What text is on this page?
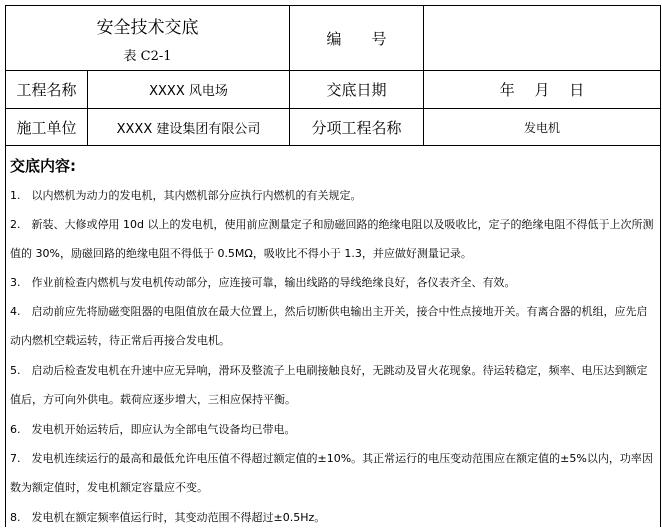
安全技术交底
表 C2-1
编　　号
工程名称	XXXX 风电场	交底日期	年　 月　 日
施工单位	XXXX 建设集团有限公司	分项工程名称	发电机
交底内容:
1.　以内燃机为动力的发电机，其内燃机部分应执行内燃机的有关规定。
2.　新装、大修或停用 10d 以上的发电机，使用前应测量定子和励磁回路的绝缘电阻以及吸收比，定子的绝缘电阻不得低于上次所测值的 30%，励磁回路的绝缘电阻不得低于 0.5MΩ，吸收比不得小于 1.3，并应做好测量记录。
3.　作业前检查内燃机与发电机传动部分，应连接可靠，输出线路的导线绝缘良好，各仪表齐全、有效。
4.　启动前应先将励磁变阻器的电阻值放在最大位置上，然后切断供电输出主开关，接合中性点接地开关。有离合器的机组，应先启动内燃机空载运转，待正常后再接合发电机。
5.　启动后检查发电机在升速中应无异响，滑环及整流子上电刷接触良好，无跳动及冒火花现象。待运转稳定，频率、电压达到额定值后，方可向外供电。载荷应逐步增大，三相应保持平衡。
6.　发电机开始运转后，即应认为全部电气设备均已带电。
7.　发电机连续运行的最高和最低允许电压值不得超过额定值的±10%。其正常运行的电压变动范围应在额定值的±5%以内，功率因数为额定值时，发电机额定容量应不变。
8.　发电机在额定频率值运行时，其变动范围不得超过±0.5Hz。
